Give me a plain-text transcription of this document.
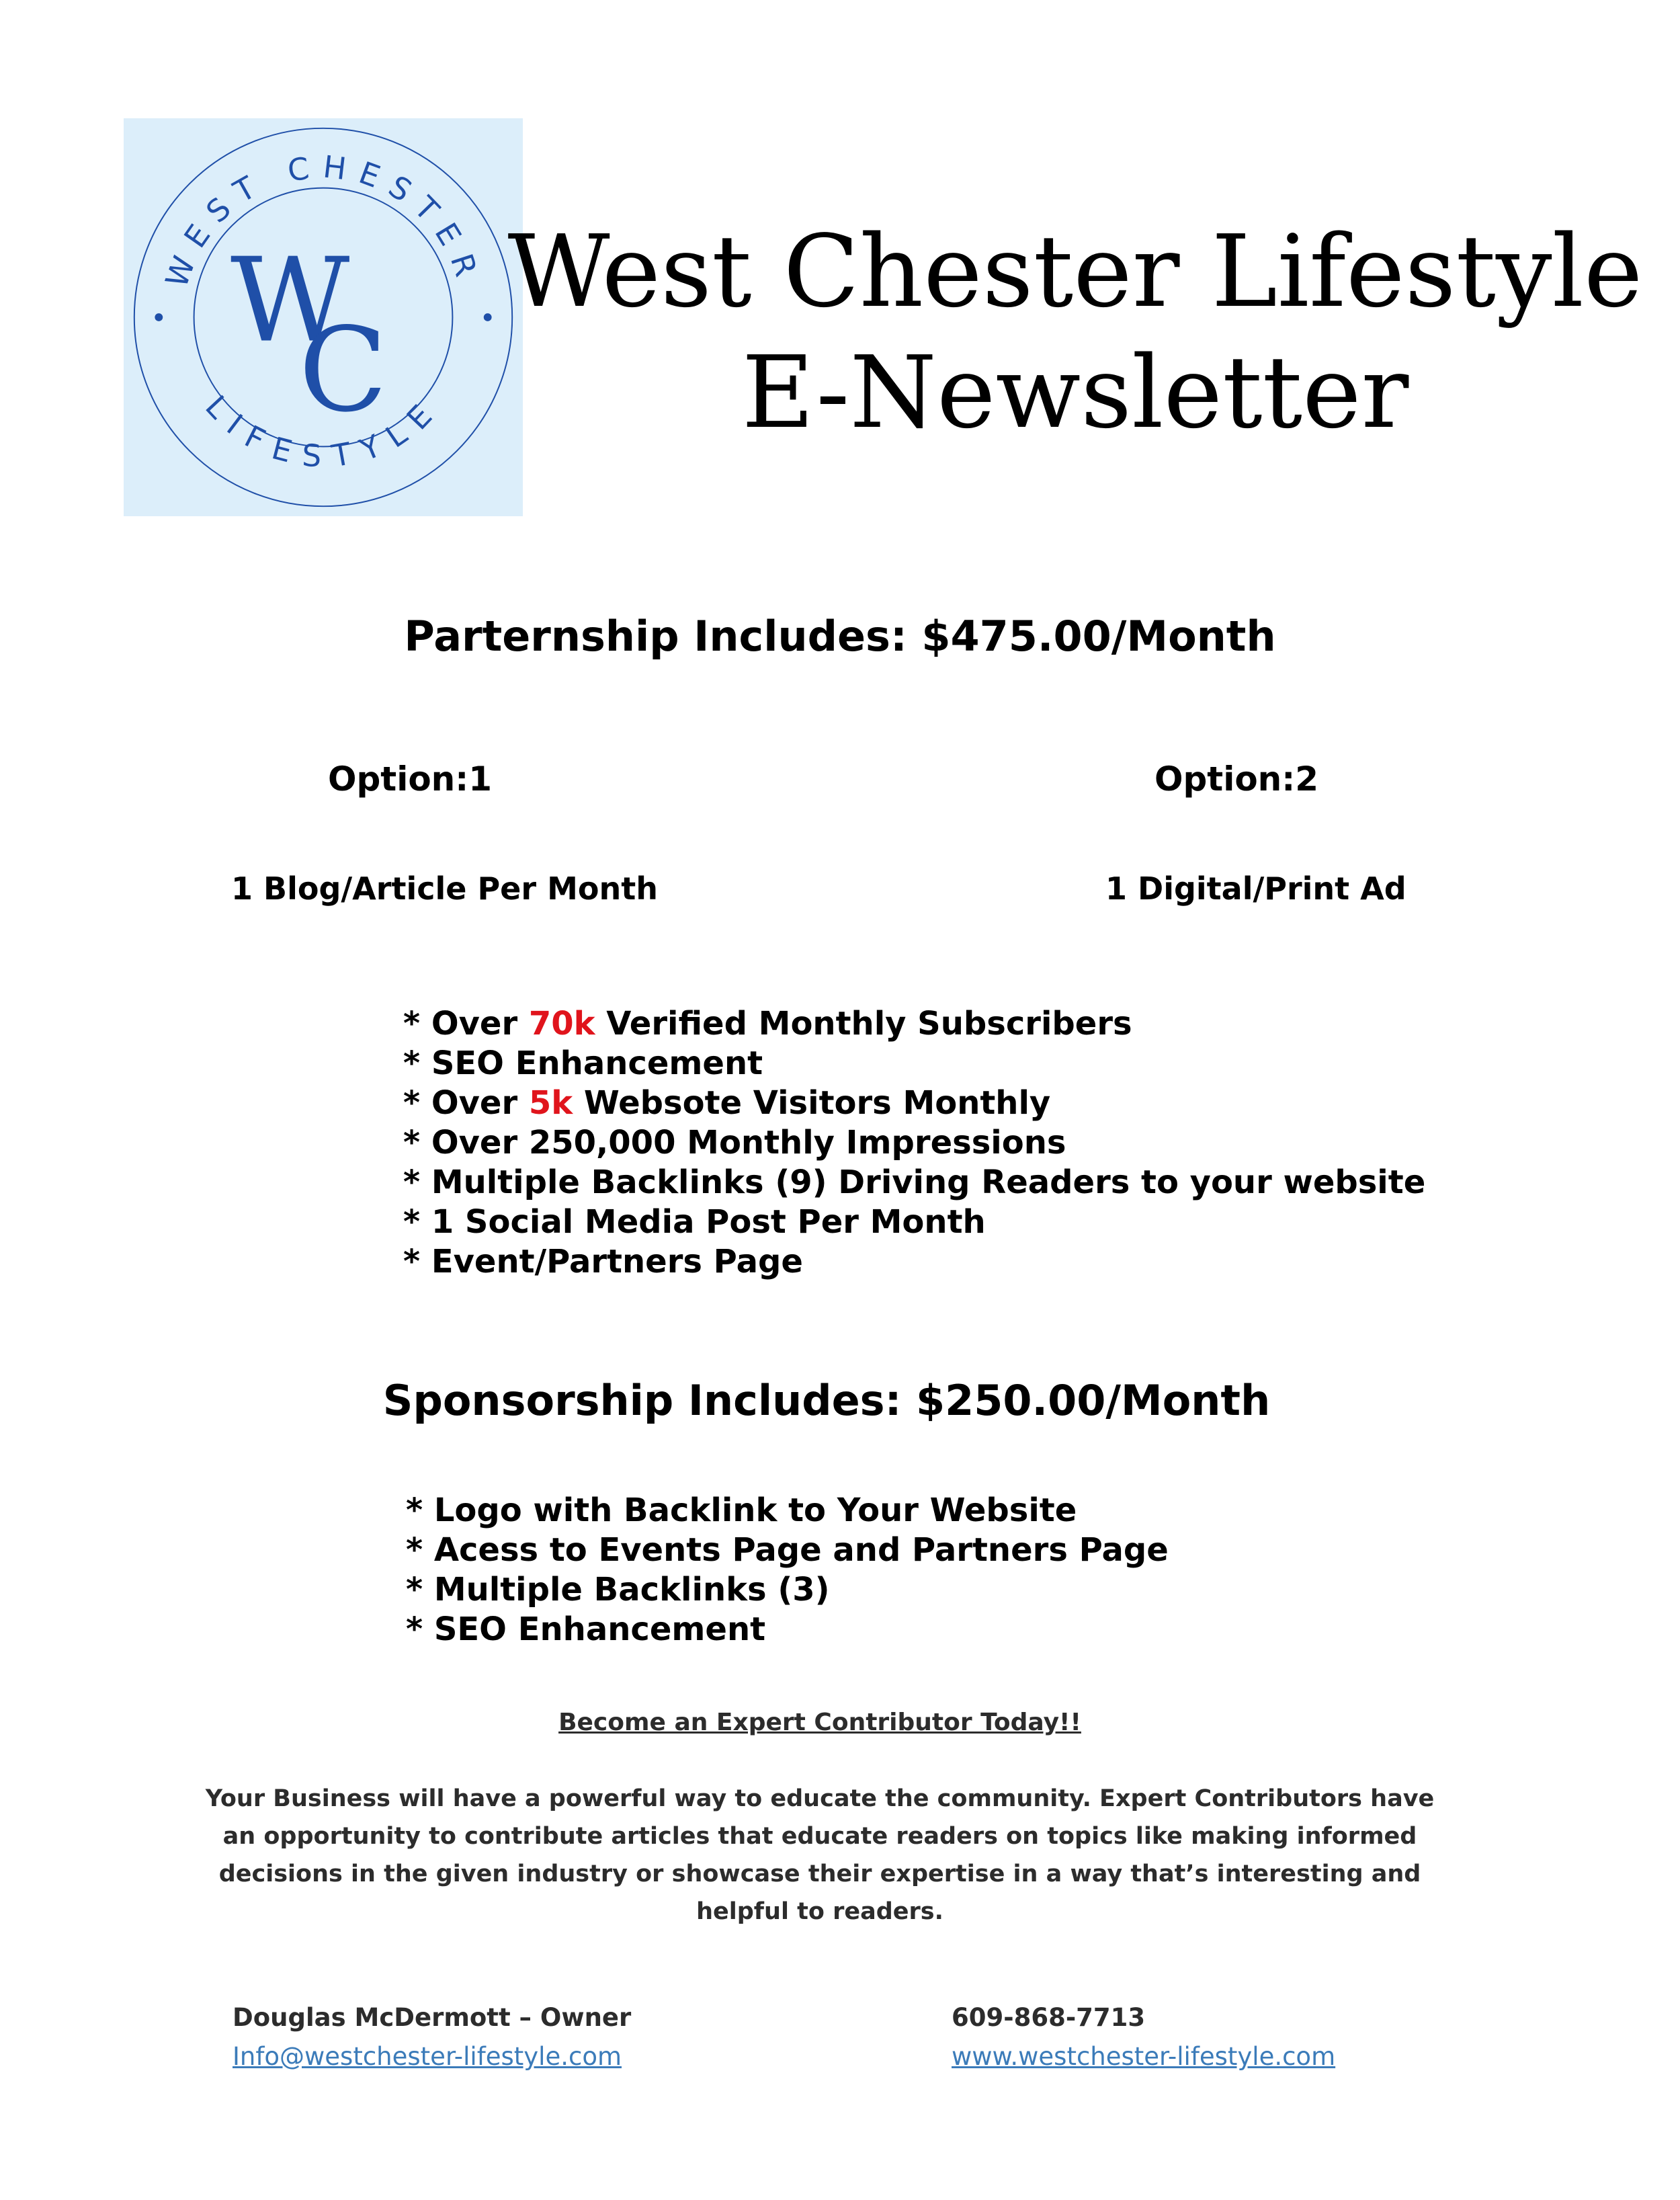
WEST CHESTER
LIFESTYLE
W
C
West Chester Lifestyle
E-Newsletter
Parternship Includes: $475.00/Month
Option:1	Option:2
1 Blog/Article Per Month	1 Digital/Print Ad
* Over 70k Verified Monthly Subscribers
* SEO Enhancement
* Over 5k Websote Visitors Monthly
* Over 250,000 Monthly Impressions
* Multiple Backlinks (9) Driving Readers to your website
* 1 Social Media Post Per Month
* Event/Partners Page
Sponsorship Includes: $250.00/Month
* Logo with Backlink to Your Website
* Acess to Events Page and Partners Page
* Multiple Backlinks (3)
* SEO Enhancement
Become an Expert Contributor Today!!
Your Business will have a powerful way to educate the community. Expert Contributors have an opportunity to contribute articles that educate readers on topics like making informed decisions in the given industry or showcase their expertise in a way that’s interesting and helpful to readers.
Douglas McDermott – Owner
Info@westchester-lifestyle.com
609-868-7713
www.westchester-lifestyle.com
